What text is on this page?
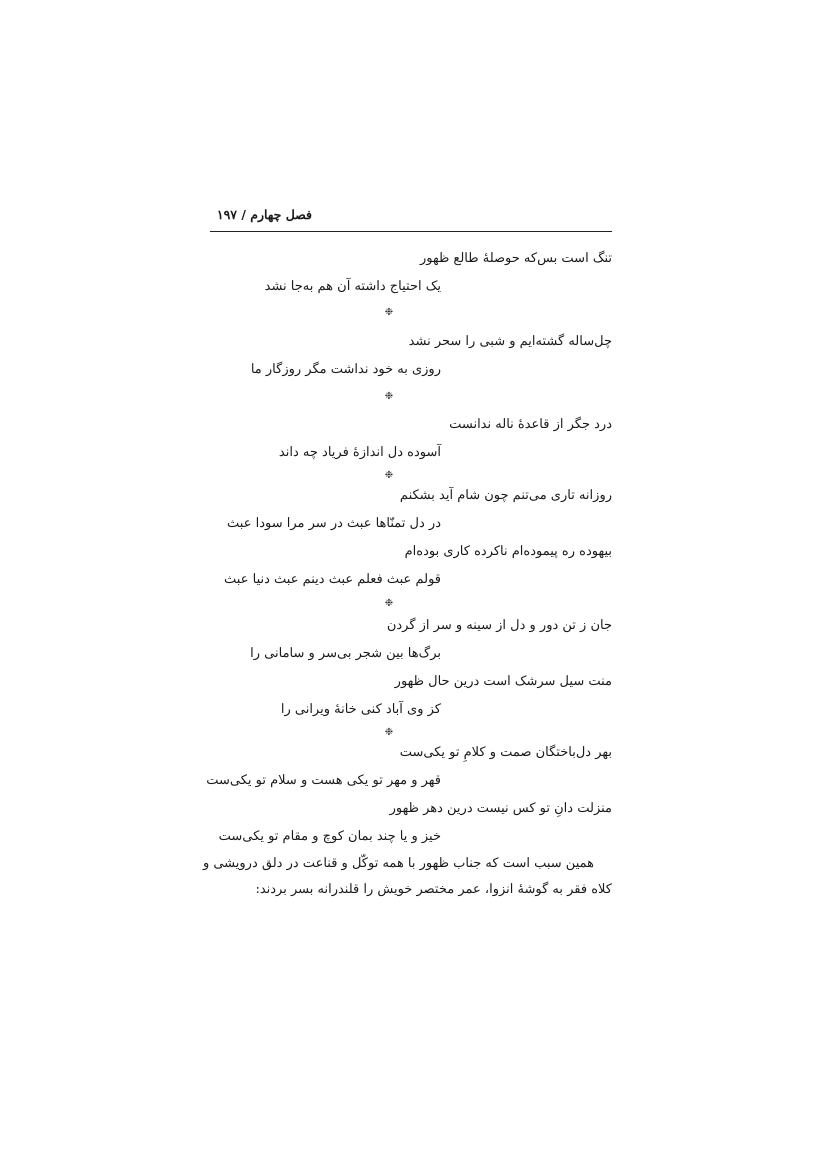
فصل چهارم / ۱۹۷
تنگ است بس‌که حوصلهٔ طالع ظهور
یک احتیاج داشته آن هم به‌جا نشد
❉
چل‌ساله گشته‌ایم و شبی را سحر نشد
روزی به خود نداشت مگر روزگار ما
❉
درد جگر از قاعدهٔ ناله ندانست
آسوده دل اندازهٔ فریاد چه داند
❉
روزانه تاری می‌تنم چون شام آید بشکنم
در دل تمنّاها عبث در سر مرا سودا عبث
بیهوده ره پیموده‌ام ناکرده کاری بوده‌ام
قولم عبث فعلم عبث دینم عبث دنیا عبث
❉
جان ز تن دور و دل از سینه و سر از گردن
برگ‌ها بین شجر بی‌سر و سامانی را
منت سیل سرشک است درین حال ظهور
کز وی آباد کنی خانهٔ ویرانی را
❉
بهر دل‌باختگان صمت و کلامِ تو یکی‌ست
قهر و مهر تو یکی هست و سلام تو یکی‌ست
منزلت دانِ تو کس نیست درین دهر ظهور
خیز و یا چند بمان کوچ و مقام تو یکی‌ست
همین سبب است که جناب ظهور با همه توکّل و قناعت در دلق درویشی و
کلاه فقر به گوشهٔ انزوا، عمر مختصر خویش را قلندرانه بسر بردند:
